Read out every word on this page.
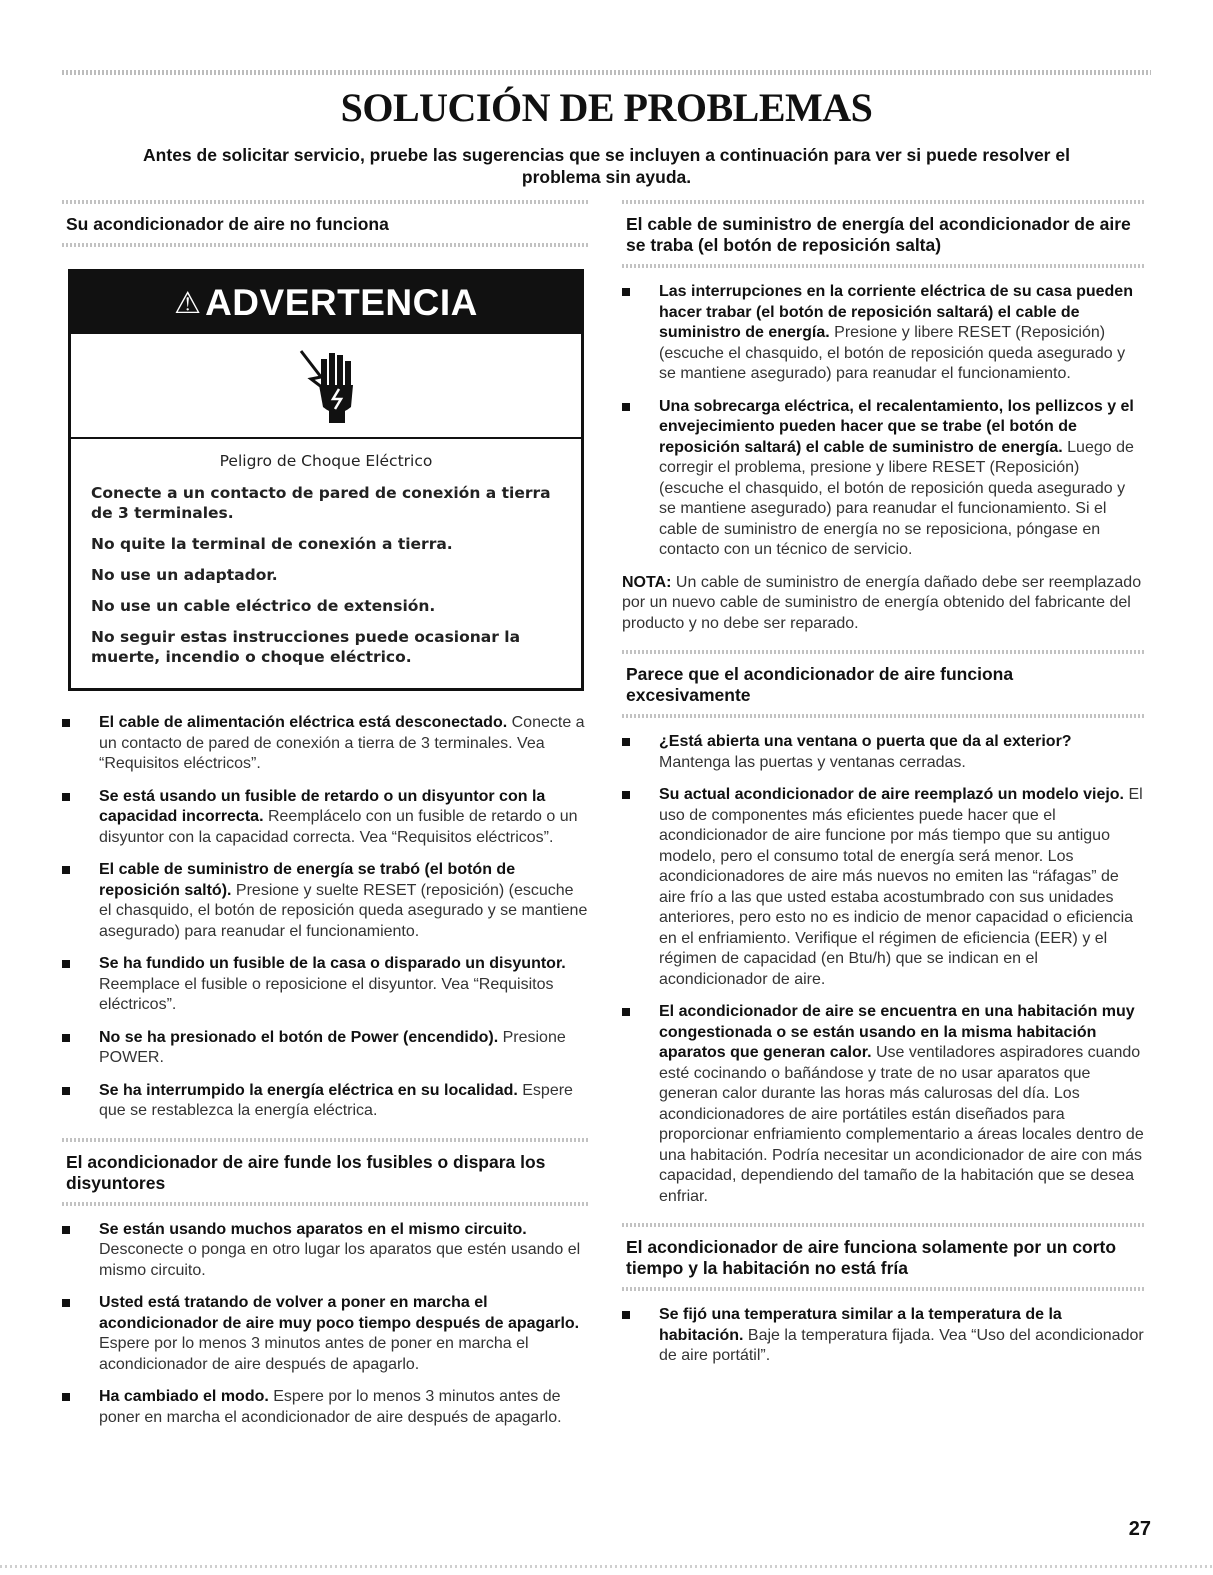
SOLUCIÓN DE PROBLEMAS

Antes de solicitar servicio, pruebe las sugerencias que se incluyen a continuación para ver si puede resolver el problema sin ayuda.

Su acondicionador de aire no funciona
⚠ ADVERTENCIA

Peligro de Choque Eléctrico

Conecte a un contacto de pared de conexión a tierra de 3 terminales.

No quite la terminal de conexión a tierra.

No use un adaptador.

No use un cable eléctrico de extensión.

No seguir estas instrucciones puede ocasionar la muerte, incendio o choque eléctrico.

El cable de alimentación eléctrica está desconectado. Conecte a un contacto de pared de conexión a tierra de 3 terminales. Vea “Requisitos eléctricos”.
Se está usando un fusible de retardo o un disyuntor con la capacidad incorrecta. Reemplácelo con un fusible de retardo o un disyuntor con la capacidad correcta. Vea “Requisitos eléctricos”.
El cable de suministro de energía se trabó (el botón de reposición saltó). Presione y suelte RESET (reposición) (escuche el chasquido, el botón de reposición queda asegurado y se mantiene asegurado) para reanudar el funcionamiento.
Se ha fundido un fusible de la casa o disparado un disyuntor. Reemplace el fusible o reposicione el disyuntor. Vea “Requisitos eléctricos”.
No se ha presionado el botón de Power (encendido). Presione POWER.
Se ha interrumpido la energía eléctrica en su localidad. Espere que se restablezca la energía eléctrica.
El acondicionador de aire funde los fusibles o dispara los disyuntores
Se están usando muchos aparatos en el mismo circuito. Desconecte o ponga en otro lugar los aparatos que estén usando el mismo circuito.
Usted está tratando de volver a poner en marcha el acondicionador de aire muy poco tiempo después de apagarlo. Espere por lo menos 3 minutos antes de poner en marcha el acondicionador de aire después de apagarlo.
Ha cambiado el modo. Espere por lo menos 3 minutos antes de poner en marcha el acondicionador de aire después de apagarlo.
El cable de suministro de energía del acondicionador de aire se traba (el botón de reposición salta)
Las interrupciones en la corriente eléctrica de su casa pueden hacer trabar (el botón de reposición saltará) el cable de suministro de energía. Presione y libere RESET (Reposición) (escuche el chasquido, el botón de reposición queda asegurado y se mantiene asegurado) para reanudar el funcionamiento.
Una sobrecarga eléctrica, el recalentamiento, los pellizcos y el envejecimiento pueden hacer que se trabe (el botón de reposición saltará) el cable de suministro de energía. Luego de corregir el problema, presione y libere RESET (Reposición) (escuche el chasquido, el botón de reposición queda asegurado y se mantiene asegurado) para reanudar el funcionamiento. Si el cable de suministro de energía no se reposiciona, póngase en contacto con un técnico de servicio.

NOTA: Un cable de suministro de energía dañado debe ser reemplazado por un nuevo cable de suministro de energía obtenido del fabricante del producto y no debe ser reparado.

Parece que el acondicionador de aire funciona excesivamente
¿Está abierta una ventana o puerta que da al exterior? Mantenga las puertas y ventanas cerradas.
Su actual acondicionador de aire reemplazó un modelo viejo. El uso de componentes más eficientes puede hacer que el acondicionador de aire funcione por más tiempo que su antiguo modelo, pero el consumo total de energía será menor. Los acondicionadores de aire más nuevos no emiten las “ráfagas” de aire frío a las que usted estaba acostumbrado con sus unidades anteriores, pero esto no es indicio de menor capacidad o eficiencia en el enfriamiento. Verifique el régimen de eficiencia (EER) y el régimen de capacidad (en Btu/h) que se indican en el acondicionador de aire.
El acondicionador de aire se encuentra en una habitación muy congestionada o se están usando en la misma habitación aparatos que generan calor. Use ventiladores aspiradores cuando esté cocinando o bañándose y trate de no usar aparatos que generan calor durante las horas más calurosas del día. Los acondicionadores de aire portátiles están diseñados para proporcionar enfriamiento complementario a áreas locales dentro de una habitación. Podría necesitar un acondicionador de aire con más capacidad, dependiendo del tamaño de la habitación que se desea enfriar.
El acondicionador de aire funciona solamente por un corto tiempo y la habitación no está fría
Se fijó una temperatura similar a la temperatura de la habitación. Baje la temperatura fijada. Vea “Uso del acondicionador de aire portátil”.
27
